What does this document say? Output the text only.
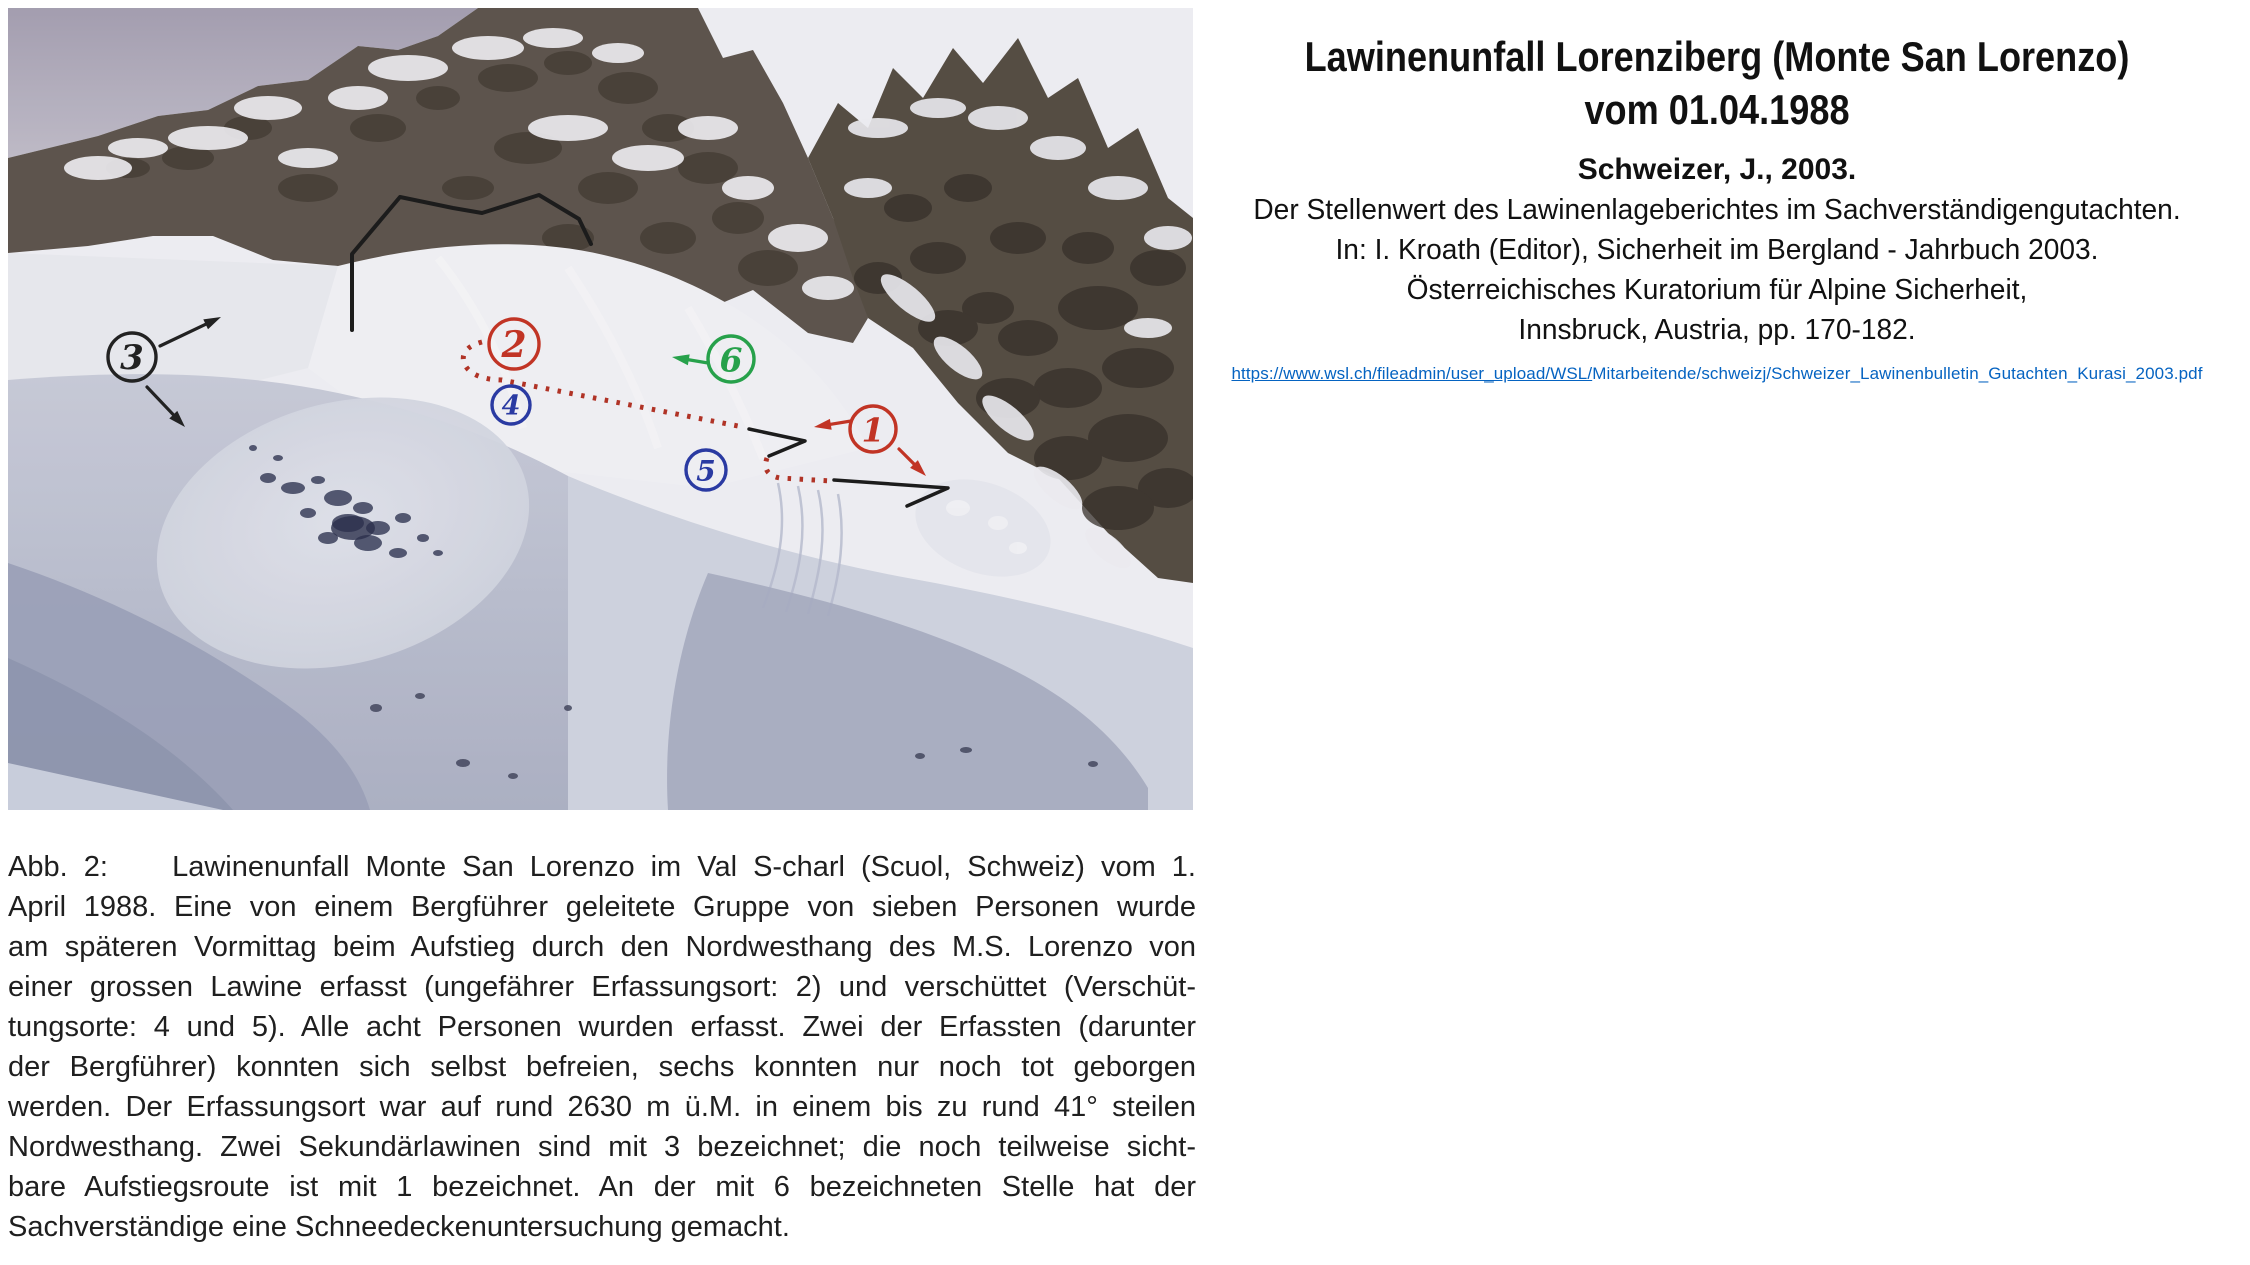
3	2
4
6
5
1
Abb. 2:    Lawinenunfall Monte San Lorenzo im Val S-charl (Scuol, Schweiz) vom 1.
April 1988. Eine von einem Bergführer geleitete Gruppe von sieben Personen wurde
am späteren Vormittag beim Aufstieg durch den Nordwesthang des M.S. Lorenzo von
einer grossen Lawine erfasst (ungefährer Erfassungsort: 2) und verschüttet (Verschüt-
tungsorte: 4 und 5). Alle acht Personen wurden erfasst. Zwei der Erfassten (darunter
der Bergführer) konnten sich selbst befreien, sechs konnten nur noch tot geborgen
werden. Der Erfassungsort war auf rund 2630 m ü.M. in einem bis zu rund 41° steilen
Nordwesthang. Zwei Sekundärlawinen sind mit 3 bezeichnet; die noch teilweise sicht-
bare Aufstiegsroute ist mit 1 bezeichnet. An der mit 6 bezeichneten Stelle hat der
Sachverständige eine Schneedeckenuntersuchung gemacht.
Lawinenunfall Lorenziberg (Monte San Lorenzo)
vom 01.04.1988
Schweizer, J., 2003.
Der Stellenwert des Lawinenlageberichtes im Sachverständigengutachten.
In: I. Kroath (Editor), Sicherheit im Bergland - Jahrbuch 2003.
Österreichisches Kuratorium für Alpine Sicherheit,
Innsbruck, Austria, pp. 170-182.
https://www.wsl.ch/fileadmin/user_upload/WSL/Mitarbeitende/schweizj/Schweizer_Lawinenbulletin_Gutachten_Kurasi_2003.pdf
